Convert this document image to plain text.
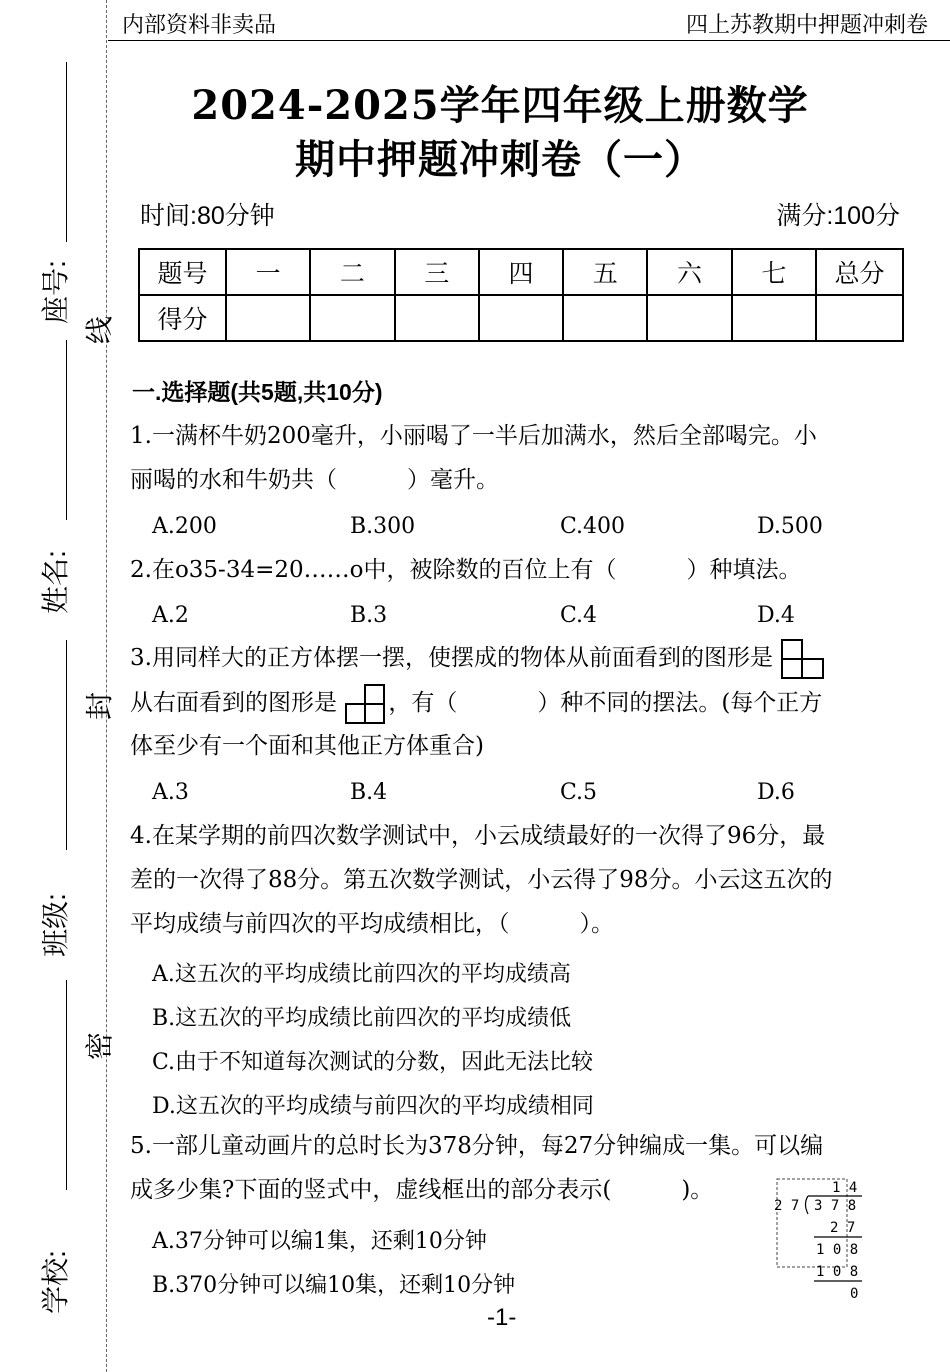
内部资料非卖品	四上苏教期中押题冲刺卷
座号:
姓名:
班级:
学校:
线
封
密
2024-2025学年四年级上册数学
期中押题冲刺卷（一）
时间:80分钟	满分:100分
题号	一	二	三	四	五	六	七	总分
得分								
一.选择题(共5题,共10分)
1.一满杯牛奶200毫升，小丽喝了一半后加满水，然后全部喝完。小
丽喝的水和牛奶共（	）毫升。
A.200	B.300	C.400	D.500
2.在o35-34=20……o中，被除数的百位上有（	）种填法。
A.2	B.3	C.4	D.4
3.用同样大的正方体摆一摆，使摆成的物体从前面看到的图形是
从右面看到的图形是 ，有（	）种不同的摆法。(每个正方
体至少有一个面和其他正方体重合)
A.3	B.4	C.5	D.6
4.在某学期的前四次数学测试中，小云成绩最好的一次得了96分，最
差的一次得了88分。第五次数学测试，小云得了98分。小云这五次的
平均成绩与前四次的平均成绩相比，（	）。
A.这五次的平均成绩比前四次的平均成绩高
B.这五次的平均成绩比前四次的平均成绩低
C.由于不知道每次测试的分数，因此无法比较
D.这五次的平均成绩与前四次的平均成绩相同
5.一部儿童动画片的总时长为378分钟，每27分钟编成一集。可以编
成多少集?下面的竖式中，虚线框出的部分表示(	)。
A.37分钟可以编1集，还剩10分钟
B.370分钟可以编10集，还剩10分钟
1 4
2 7 3 7 8
2 7
1 0 8
1 0 8
0
-1-
